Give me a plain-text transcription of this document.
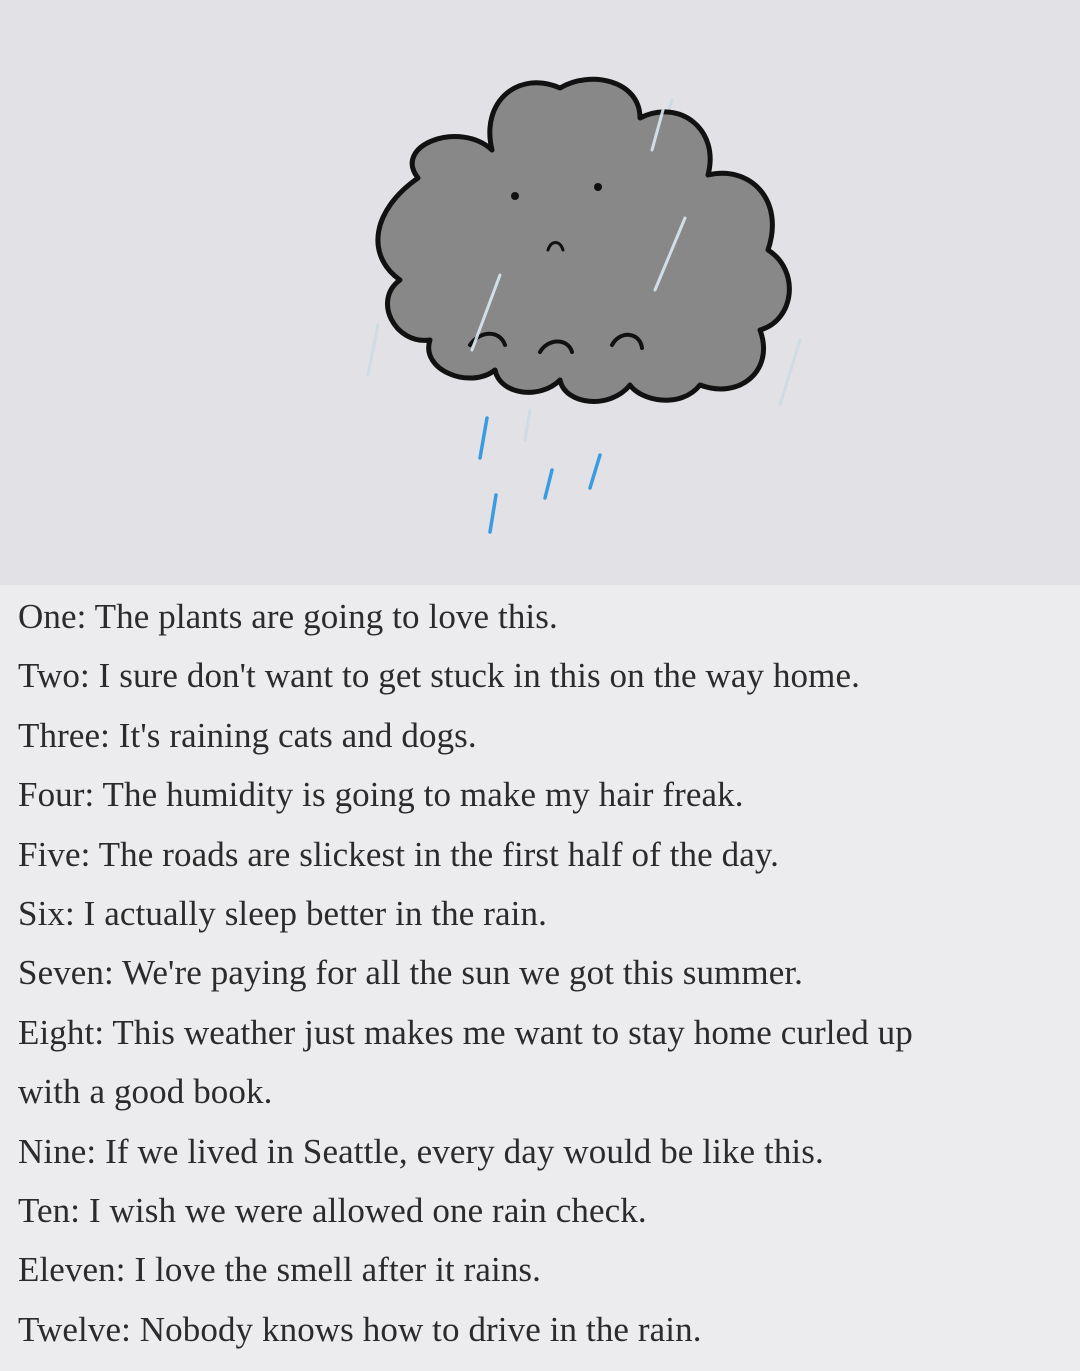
One: The plants are going to love this.
Two: I sure don't want to get stuck in this on the way home.
Three: It's raining cats and dogs.
Four: The humidity is going to make my hair freak.
Five: The roads are slickest in the first half of the day.
Six: I actually sleep better in the rain.
Seven: We're paying for all the sun we got this summer.
Eight: This weather just makes me want to stay home curled up
with a good book.
Nine: If we lived in Seattle, every day would be like this.
Ten: I wish we were allowed one rain check.
Eleven: I love the smell after it rains.
Twelve: Nobody knows how to drive in the rain.
